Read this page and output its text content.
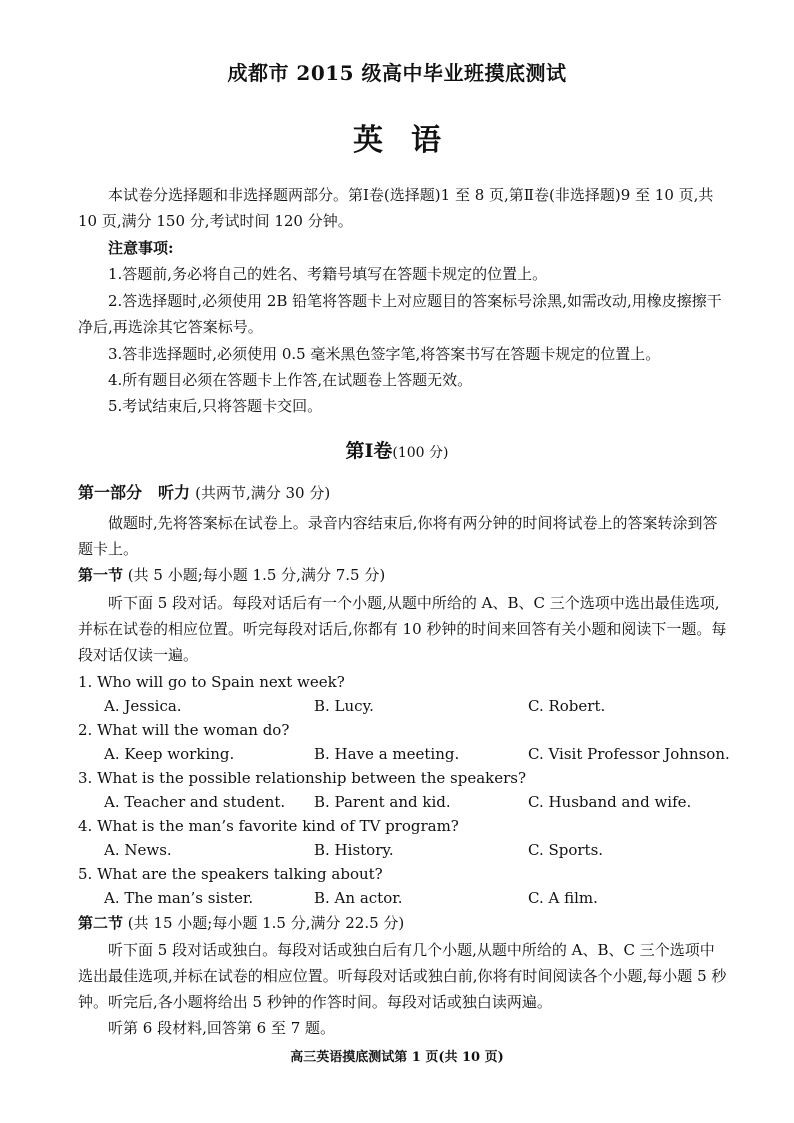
成都市 2015 级高中毕业班摸底测试
英语
本试卷分选择题和非选择题两部分。第Ⅰ卷(选择题)1 至 8 页,第Ⅱ卷(非选择题)9 至 10 页,共 10 页,满分 150 分,考试时间 120 分钟。
注意事项:
1.答题前,务必将自己的姓名、考籍号填写在答题卡规定的位置上。
2.答选择题时,必须使用 2B 铅笔将答题卡上对应题目的答案标号涂黑,如需改动,用橡皮擦擦干净后,再选涂其它答案标号。
3.答非选择题时,必须使用 0.5 毫米黑色签字笔,将答案书写在答题卡规定的位置上。
4.所有题目必须在答题卡上作答,在试题卷上答题无效。
5.考试结束后,只将答题卡交回。
第Ⅰ卷(100 分)
第一部分　听力 (共两节,满分 30 分)
做题时,先将答案标在试卷上。录音内容结束后,你将有两分钟的时间将试卷上的答案转涂到答题卡上。
第一节 (共 5 小题;每小题 1.5 分,满分 7.5 分)
听下面 5 段对话。每段对话后有一个小题,从题中所给的 A、B、C 三个选项中选出最佳选项,并标在试卷的相应位置。听完每段对话后,你都有 10 秒钟的时间来回答有关小题和阅读下一题。每段对话仅读一遍。
1. Who will go to Spain next week?
A. Jessica.	B. Lucy.	C. Robert.
2. What will the woman do?
A. Keep working.	B. Have a meeting.	C. Visit Professor Johnson.
3. What is the possible relationship between the speakers?
A. Teacher and student. B. Parent and kid.	C. Husband and wife.
4. What is the man’s favorite kind of TV program?
A. News.	B. History.	C. Sports.
5. What are the speakers talking about?
A. The man’s sister.	B. An actor.	C. A film.
第二节 (共 15 小题;每小题 1.5 分,满分 22.5 分)
听下面 5 段对话或独白。每段对话或独白后有几个小题,从题中所给的 A、B、C 三个选项中选出最佳选项,并标在试卷的相应位置。听每段对话或独白前,你将有时间阅读各个小题,每小题 5 秒钟。听完后,各小题将给出 5 秒钟的作答时间。每段对话或独白读两遍。
听第 6 段材料,回答第 6 至 7 题。
高三英语摸底测试第 1 页(共 10 页)
